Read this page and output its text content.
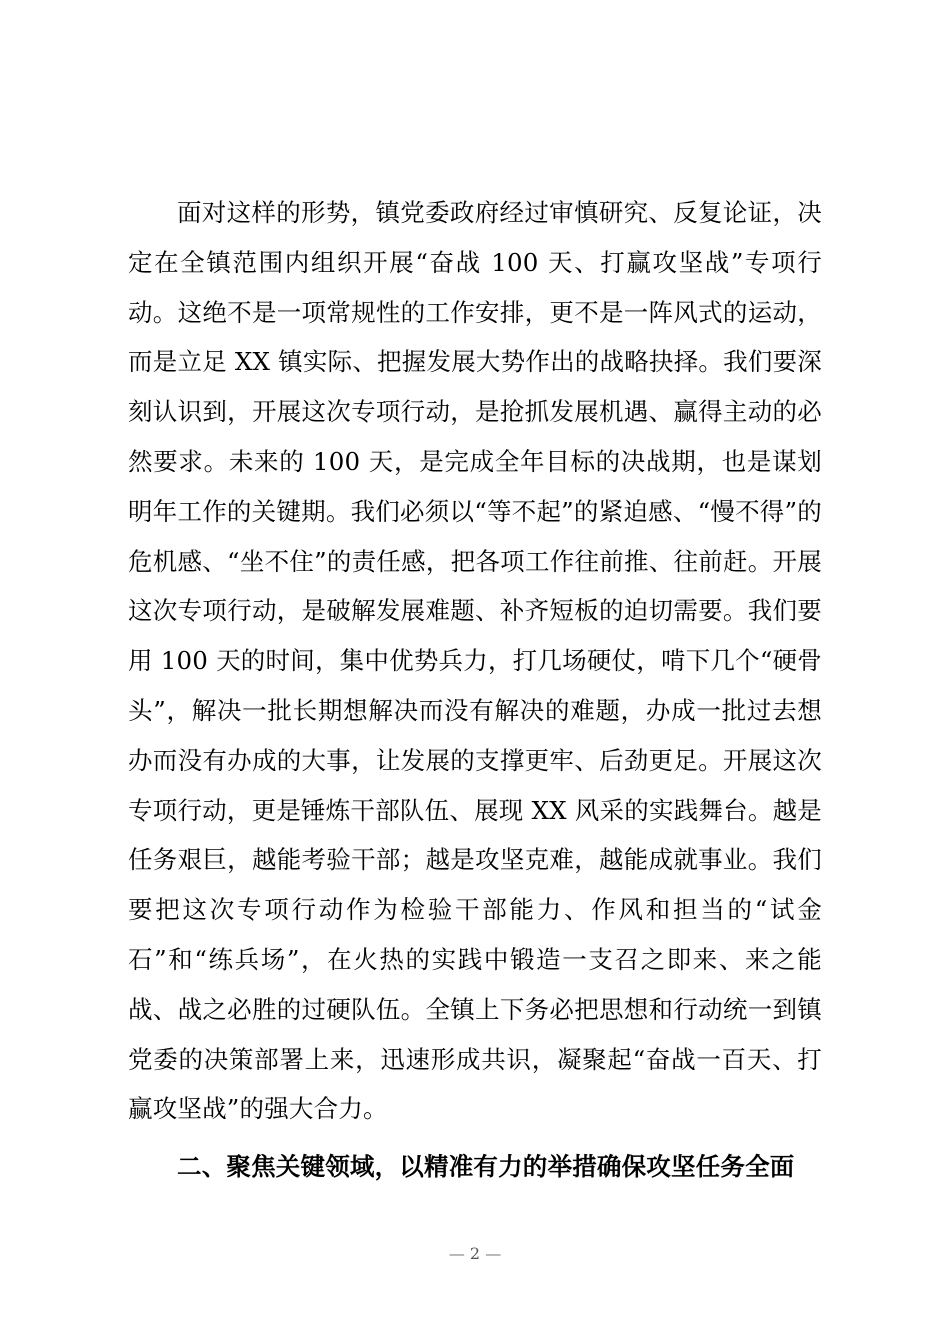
面对这样的形势，镇党委政府经过审慎研究、反复论证，决定在全镇范围内组织开展“奋战 100 天、打赢攻坚战”专项行动。这绝不是一项常规性的工作安排，更不是一阵风式的运动，而是立足 XX 镇实际、把握发展大势作出的战略抉择。我们要深刻认识到，开展这次专项行动，是抢抓发展机遇、赢得主动的必然要求。未来的 100 天，是完成全年目标的决战期，也是谋划明年工作的关键期。我们必须以“等不起”的紧迫感、“慢不得”的危机感、“坐不住”的责任感，把各项工作往前推、往前赶。开展这次专项行动，是破解发展难题、补齐短板的迫切需要。我们要用 100 天的时间，集中优势兵力，打几场硬仗，啃下几个“硬骨头”，解决一批长期想解决而没有解决的难题，办成一批过去想办而没有办成的大事，让发展的支撑更牢、后劲更足。开展这次专项行动，更是锤炼干部队伍、展现 XX 风采的实践舞台。越是任务艰巨，越能考验干部；越是攻坚克难，越能成就事业。我们要把这次专项行动作为检验干部能力、作风和担当的“试金石”和“练兵场”，在火热的实践中锻造一支召之即来、来之能战、战之必胜的过硬队伍。全镇上下务必把思想和行动统一到镇党委的决策部署上来，迅速形成共识，凝聚起“奋战一百天、打赢攻坚战”的强大合力。

二、聚焦关键领域，以精准有力的举措确保攻坚任务全面

— 2 —
